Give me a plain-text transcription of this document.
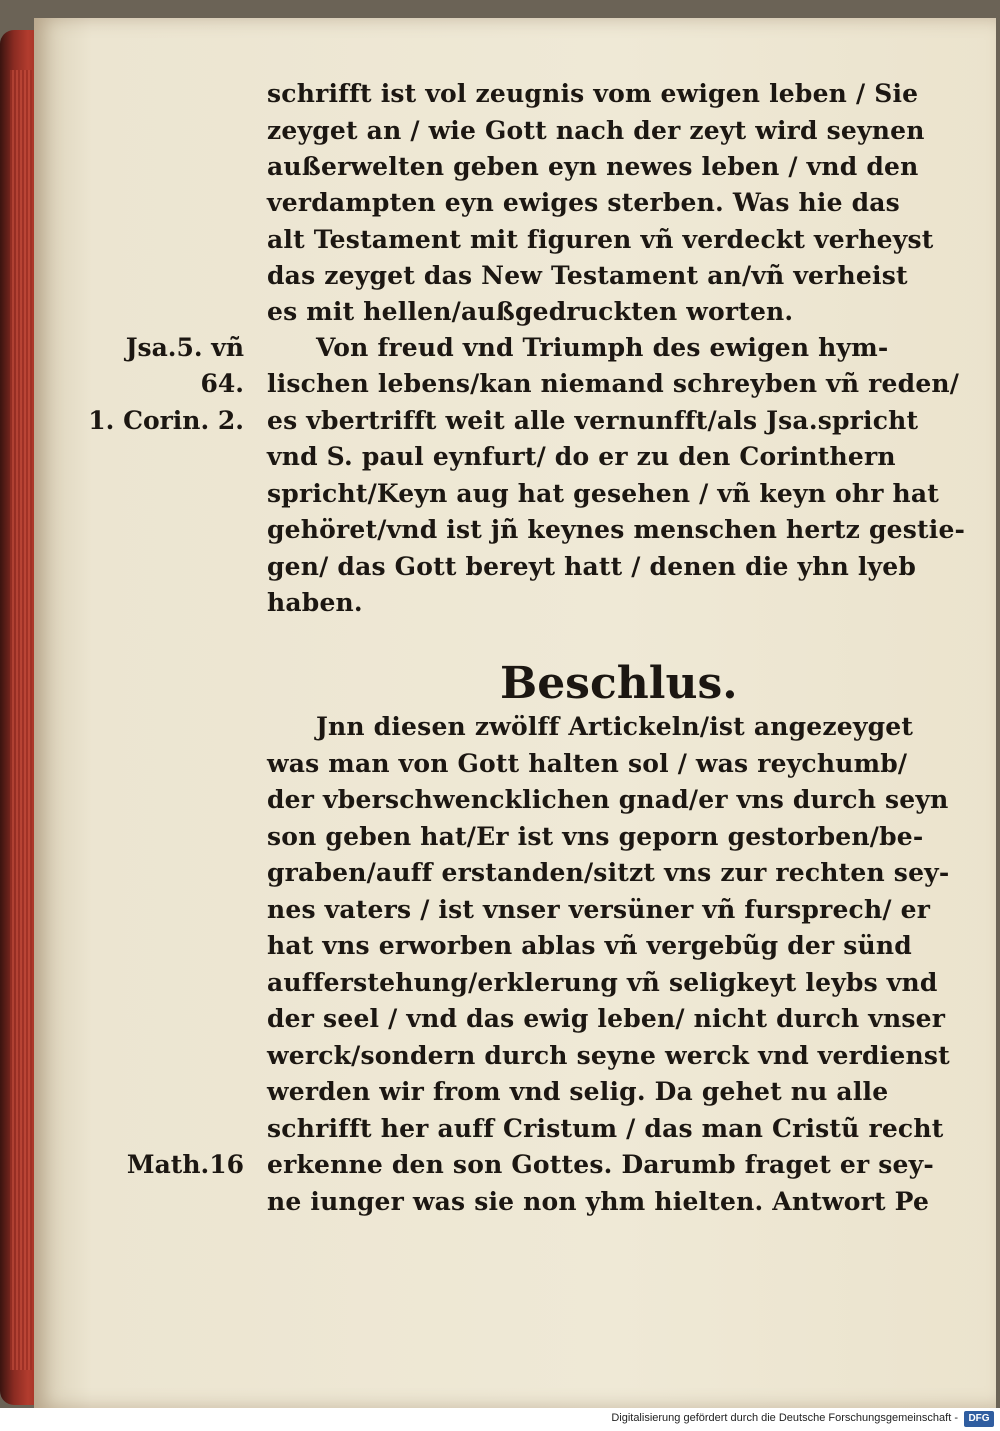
schrifft ist vol zeugnis vom ewigen leben / Sie
zeyget an / wie Gott nach der zeyt wird seynen
außerwelten geben eyn newes leben / vnd den
verdampten eyn ewiges sterben. Was hie das
alt Testament mit figuren vñ verdeckt verheyst
das zeyget das New Testament an/vñ verheist
es mit hellen/außgedruckten worten.
Von freud vnd Triumph des ewigen hym-
lischen lebens/kan niemand schreyben vñ reden/
es vbertrifft weit alle vernunfft/als Jsa.spricht
vnd S. paul eynfurt/ do er zu den Corinthern
spricht/Keyn aug hat gesehen / vñ keyn ohr hat
gehöret/vnd ist jñ keynes menschen hertz gestie-
gen/ das Gott bereyt hatt / denen die yhn lyeb
haben.
Beschlus.
Jnn diesen zwölff Artickeln/ist angezeyget
was man von Gott halten sol / was reychumb/
der vberschwencklichen gnad/er vns durch seyn
son geben hat/Er ist vns geporn gestorben/be-
graben/auff erstanden/sitzt vns zur rechten sey-
nes vaters / ist vnser versüner vñ fursprech/ er
hat vns erworben ablas vñ vergebũg der sünd
aufferstehung/erklerung vñ seligkeyt leybs vnd
der seel / vnd das ewig leben/ nicht durch vnser
werck/sondern durch seyne werck vnd verdienst
werden wir from vnd selig. Da gehet nu alle
schrifft her auff Cristum / das man Cristũ recht
erkenne den son Gottes. Darumb fraget er sey-
ne iunger was sie non yhm hielten. Antwort Pe
Jsa.5. vñ
64.
1. Corin. 2.
Math.16
Digitalisierung gefördert durch die Deutsche Forschungsgemeinschaft -	DFG
